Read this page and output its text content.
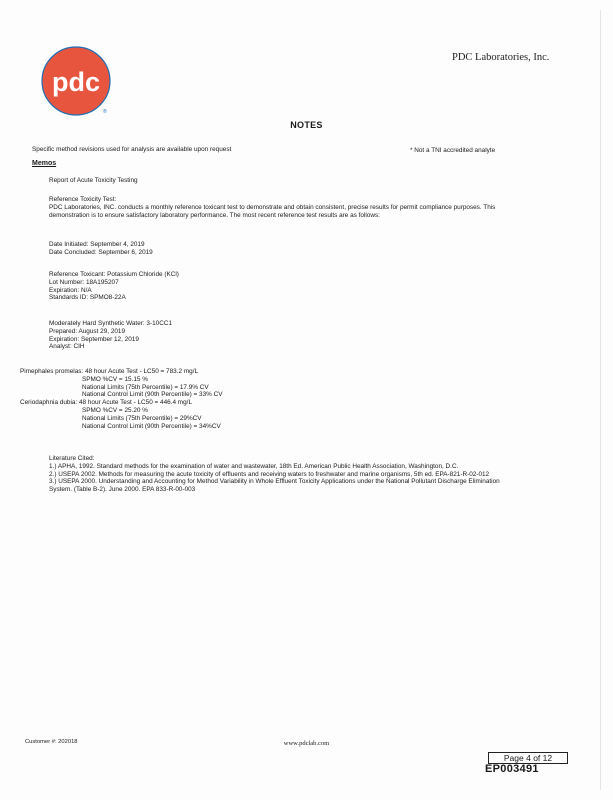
pdc
®
PDC Laboratories, Inc.
NOTES
Specific method revisions used for analysis are available upon request	* Not a TNI accredited analyte
Memos
Report of Acute Toxicity Testing

Reference Toxicity Test:

PDC Laboratories, INC. conducts a monthly reference toxicant test to demonstrate and obtain consistent, precise results for permit compliance purposes. This demonstration is to ensure satisfactory laboratory performance. The most recent reference test results are as follows:

Date Initiated: September 4, 2019

Date Concluded: September 6, 2019

Reference Toxicant: Potassium Chloride (KCl)

Lot Number: 18A195207

Expiration: N/A

Standards ID: SPMO8-22A

Moderately Hard Synthetic Water: 3-10CC1

Prepared: August 29, 2019

Expiration: September 12, 2019

Analyst: CIH

Pimephales promelas: 48 hour Acute Test - LC50 = 783.2 mg/L

SPMO %CV = 15.15 %

National Limits (75th Percentile) = 17.9% CV

National Control Limit (90th Percentile) = 33% CV

Ceriodaphnia dubia: 48 hour Acute Test - LC50 = 446.4 mg/L

SPMO %CV = 25.20 %

National Limits (75th Percentile) = 29%CV

National Control Limit (90th Percentile) = 34%CV

Literature Cited:

1.) APHA, 1992. Standard methods for the examination of water and wastewater, 18th Ed. American Public Health Association, Washington, D.C.

2.) USEPA 2002. Methods for measuring the acute toxicity of effluents and receiving waters to freshwater and marine organisms, 5th ed. EPA-821-R-02-012

3.) USEPA 2000. Understanding and Accounting for Method Variability in Whole Effluent Toxicity Applications under the National Pollutant Discharge Elimination System. (Table B-2). June 2000. EPA 833-R-00-003

Customer #: 202018	www.pdclab.com
Page 4 of 12
EP003491
